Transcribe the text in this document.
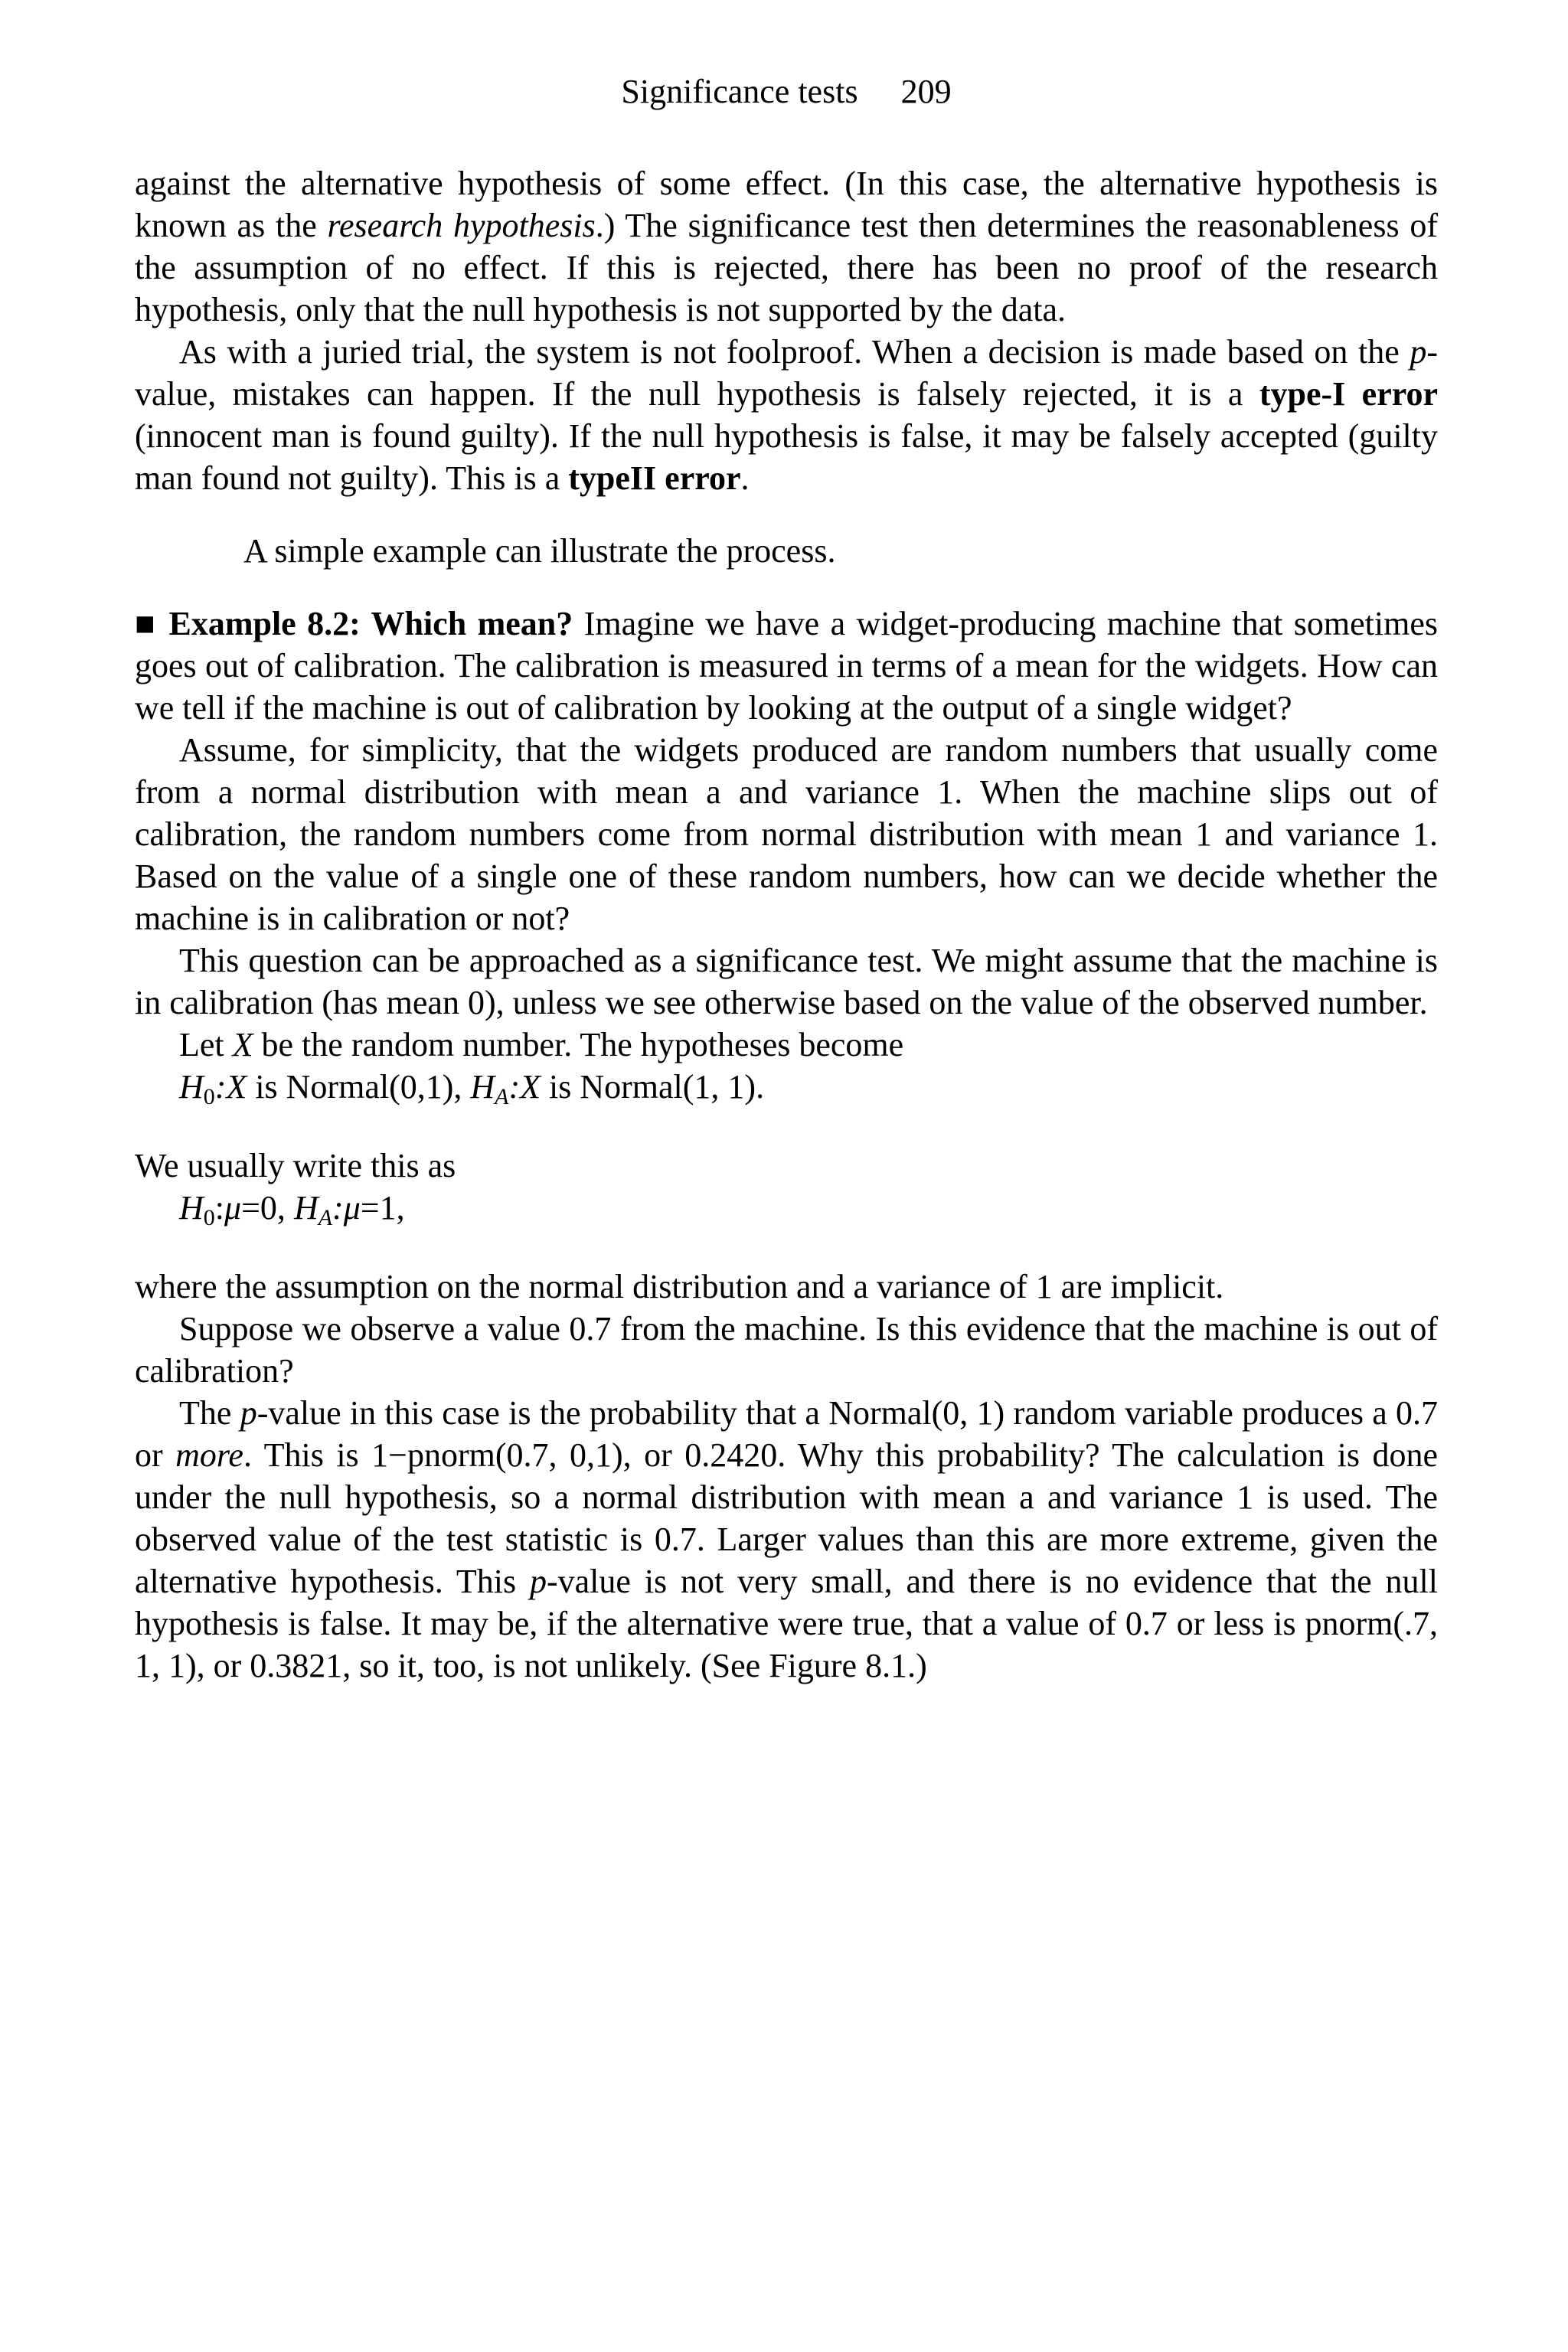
Significance tests 209

against the alternative hypothesis of some effect. (In this case, the alternative hypothesis is known as the research hypothesis.) The significance test then determines the reasonableness of the assumption of no effect. If this is rejected, there has been no proof of the research hypothesis, only that the null hypothesis is not supported by the data.

As with a juried trial, the system is not foolproof. When a decision is made based on the p-value, mistakes can happen. If the null hypothesis is falsely rejected, it is a type-I error (innocent man is found guilty). If the null hypothesis is false, it may be falsely accepted (guilty man found not guilty). This is a typeII error.

A simple example can illustrate the process.

■ Example 8.2: Which mean? Imagine we have a widget-producing machine that sometimes goes out of calibration. The calibration is measured in terms of a mean for the widgets. How can we tell if the machine is out of calibration by looking at the output of a single widget?

Assume, for simplicity, that the widgets produced are random numbers that usually come from a normal distribution with mean a and variance 1. When the machine slips out of calibration, the random numbers come from normal distribution with mean 1 and variance 1. Based on the value of a single one of these random numbers, how can we decide whether the machine is in calibration or not?

This question can be approached as a significance test. We might assume that the machine is in calibration (has mean 0), unless we see otherwise based on the value of the observed number.

Let X be the random number. The hypotheses become

$H_0:X$ is Normal(0,1), $H_A:X$ is Normal(1, 1).

We usually write this as

$H_0:\mu=0$, $H_A:\mu=1$,

where the assumption on the normal distribution and a variance of 1 are implicit.

Suppose we observe a value 0.7 from the machine. Is this evidence that the machine is out of calibration?

The p-value in this case is the probability that a Normal(0, 1) random variable produces a 0.7 or more. This is 1−pnorm(0.7, 0,1), or 0.2420. Why this probability? The calculation is done under the null hypothesis, so a normal distribution with mean a and variance 1 is used. The observed value of the test statistic is 0.7. Larger values than this are more extreme, given the alternative hypothesis. This p-value is not very small, and there is no evidence that the null hypothesis is false. It may be, if the alternative were true, that a value of 0.7 or less is pnorm(.7, 1, 1), or 0.3821, so it, too, is not unlikely. (See Figure 8.1.)
